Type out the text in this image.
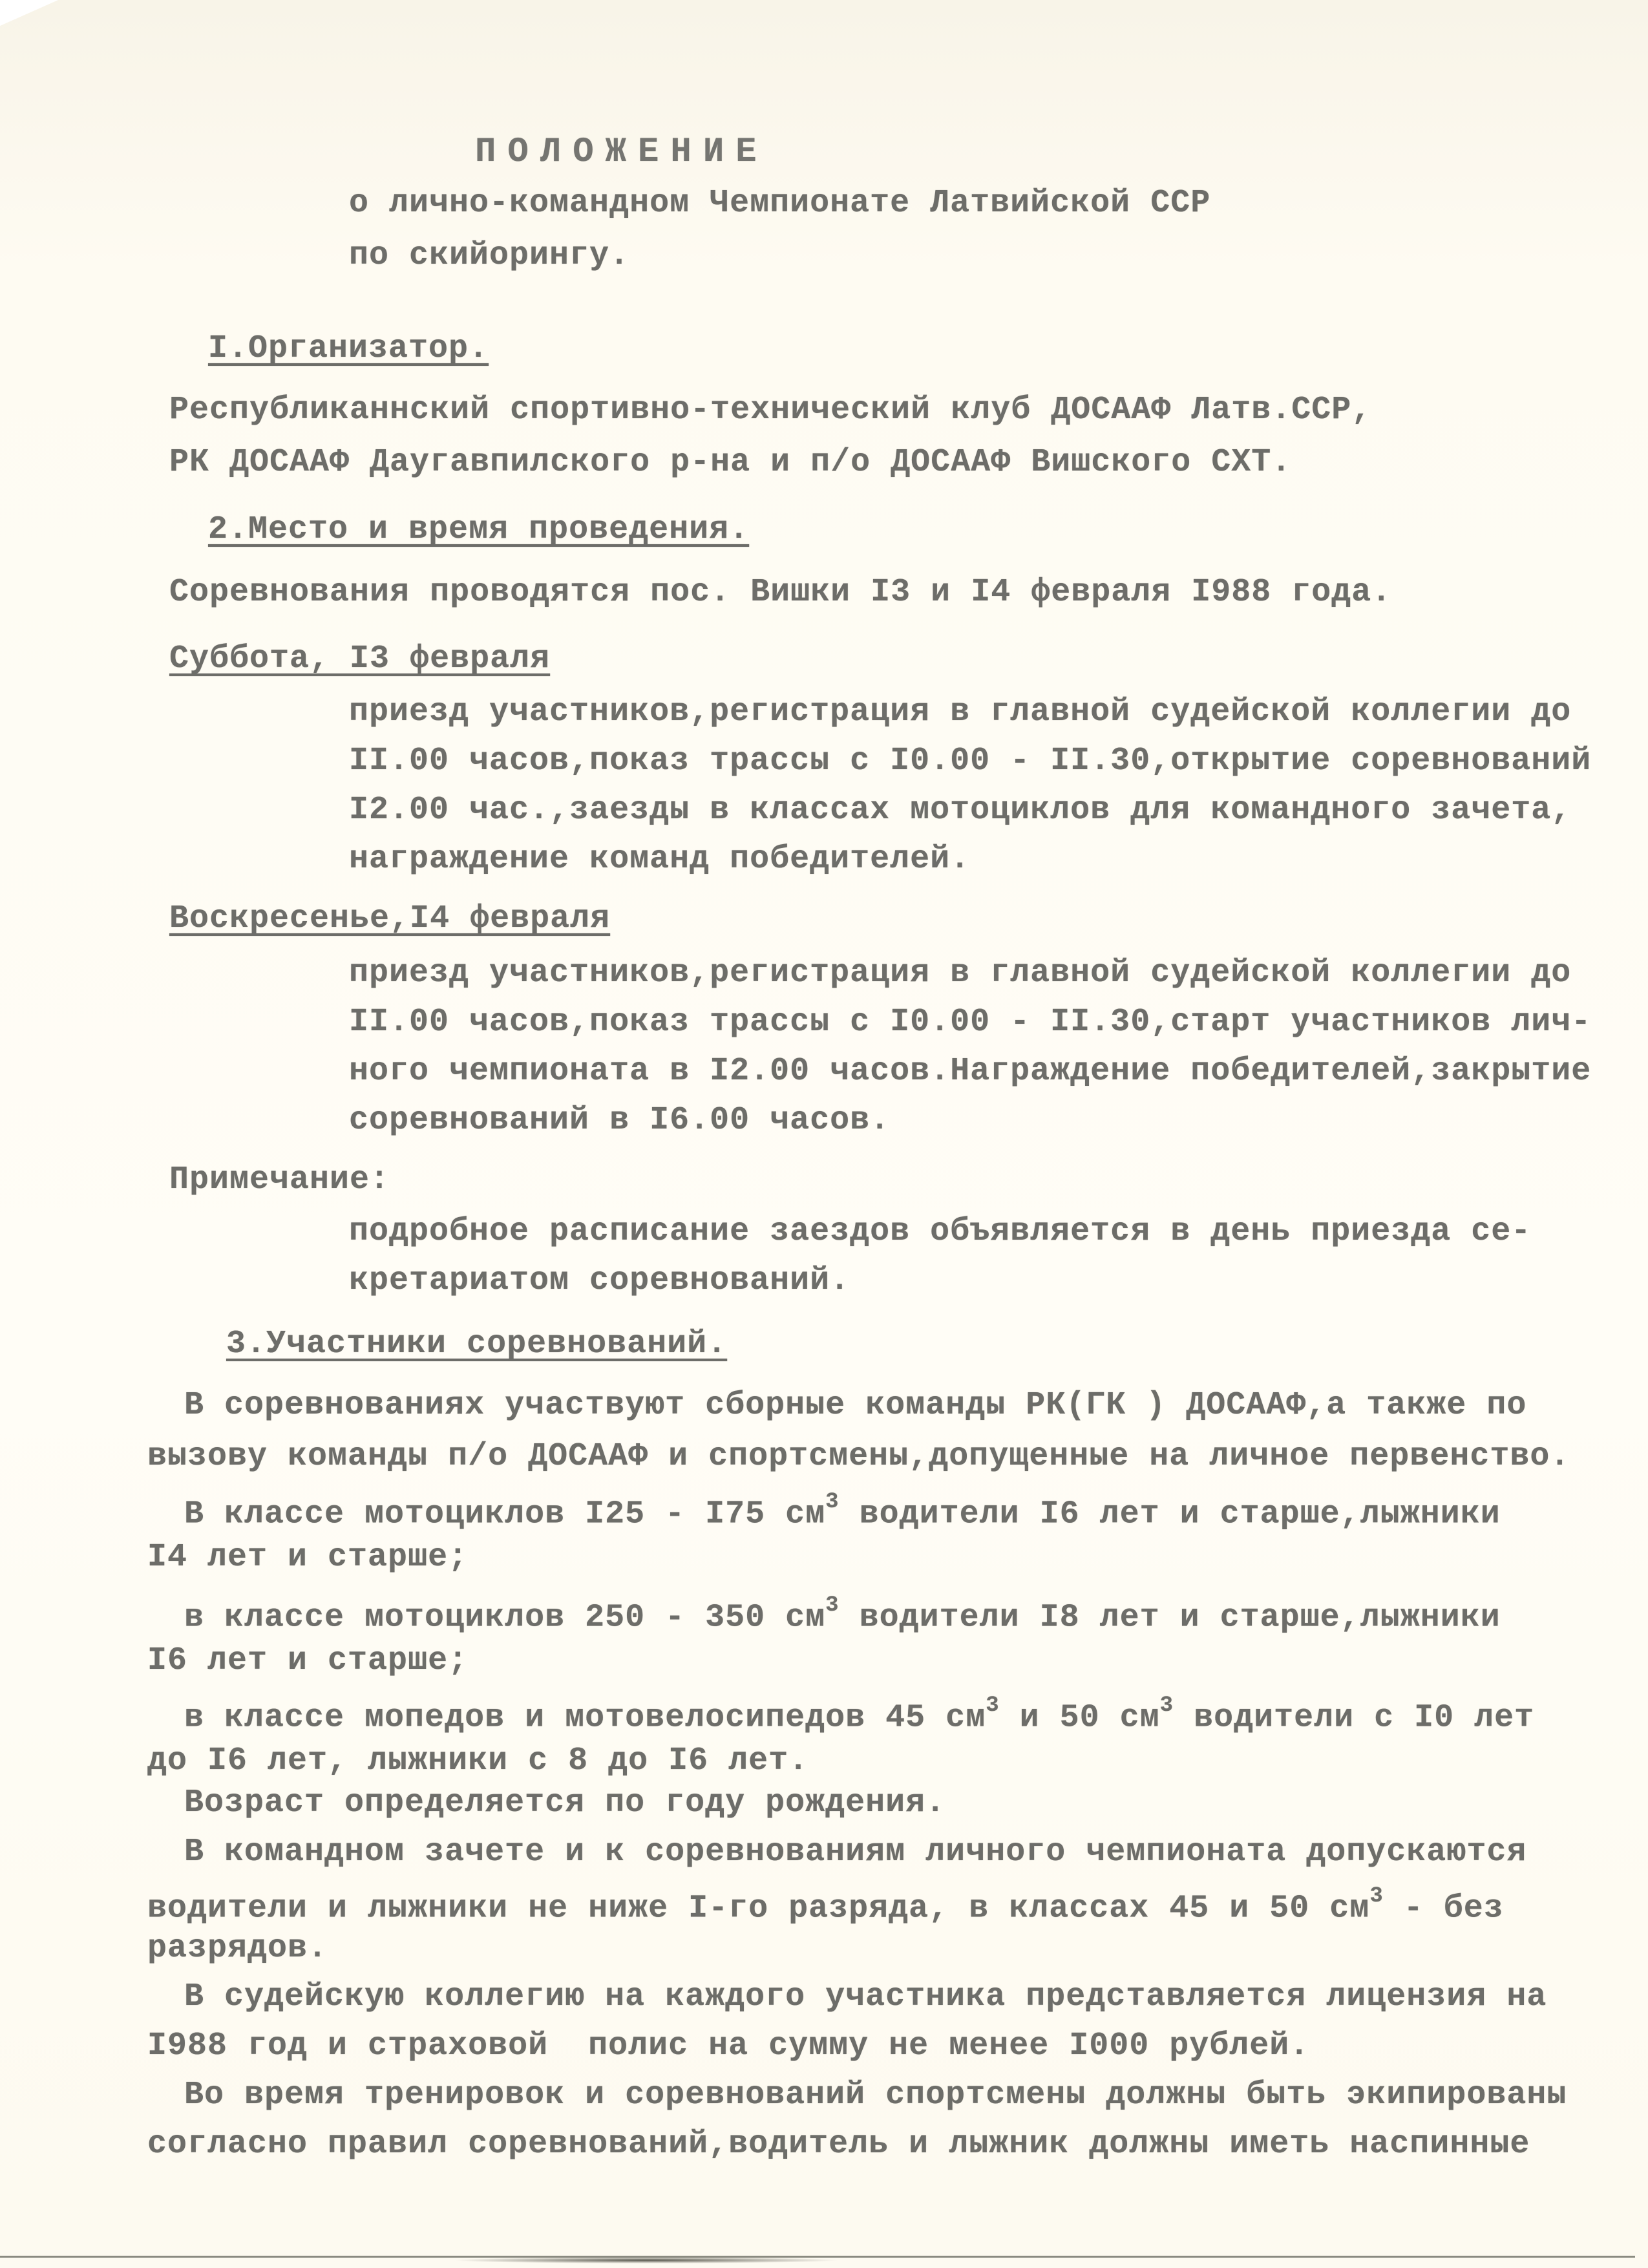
ПОЛОЖЕНИЕ
о лично-командном Чемпионате Латвийской ССР
по скийорингу.
I.Организатор.
Республиканнский спортивно-технический клуб ДОСААФ Латв.ССР,
РК ДОСААФ Даугавпилского р-на и п/о ДОСААФ Вишского СХТ.
2.Место и время проведения.
Соревнования проводятся пос. Вишки I3 и I4 февраля I988 года.
Суббота, I3 февраля
приезд участников,регистрация в главной судейской коллегии до
II.00 часов,показ трассы с I0.00 - II.30,открытие соревнований
I2.00 час.,заезды в классах мотоциклов для командного зачета,
награждение команд победителей.
Воскресенье,I4 февраля
приезд участников,регистрация в главной судейской коллегии до
II.00 часов,показ трассы с I0.00 - II.30,старт участников лич-
ного чемпионата в I2.00 часов.Награждение победителей,закрытие
соревнований в I6.00 часов.
Примечание:
подробное расписание заездов объявляется в день приезда се-
кретариатом соревнований.
3.Участники соревнований.
В соревнованиях участвуют сборные команды РК(ГК ) ДОСААФ,а также по
вызову команды п/о ДОСААФ и спортсмены,допущенные на личное первенство.
В классе мотоциклов I25 - I75 $см^3$ водители I6 лет и старше,лыжники
I4 лет и старше;
в классе мотоциклов 250 - 350 $см^3$ водители I8 лет и старше,лыжники
I6 лет и старше;
в классе мопедов и мотовелосипедов 45 $см^3$ и 50 $см^3$ водители с I0 лет
до I6 лет, лыжники с 8 до I6 лет.
Возраст определяется по году рождения.
В командном зачете и к соревнованиям личного чемпионата допускаются
водители и лыжники не ниже I-го разряда, в классах 45 и 50 $см^3$ - без
разрядов.
В судейскую коллегию на каждого участника представляется лицензия на
I988 год и страховой  полис на сумму не менее I000 рублей.
Во время тренировок и соревнований спортсмены должны быть экипированы
согласно правил соревнований,водитель и лыжник должны иметь наспинные
